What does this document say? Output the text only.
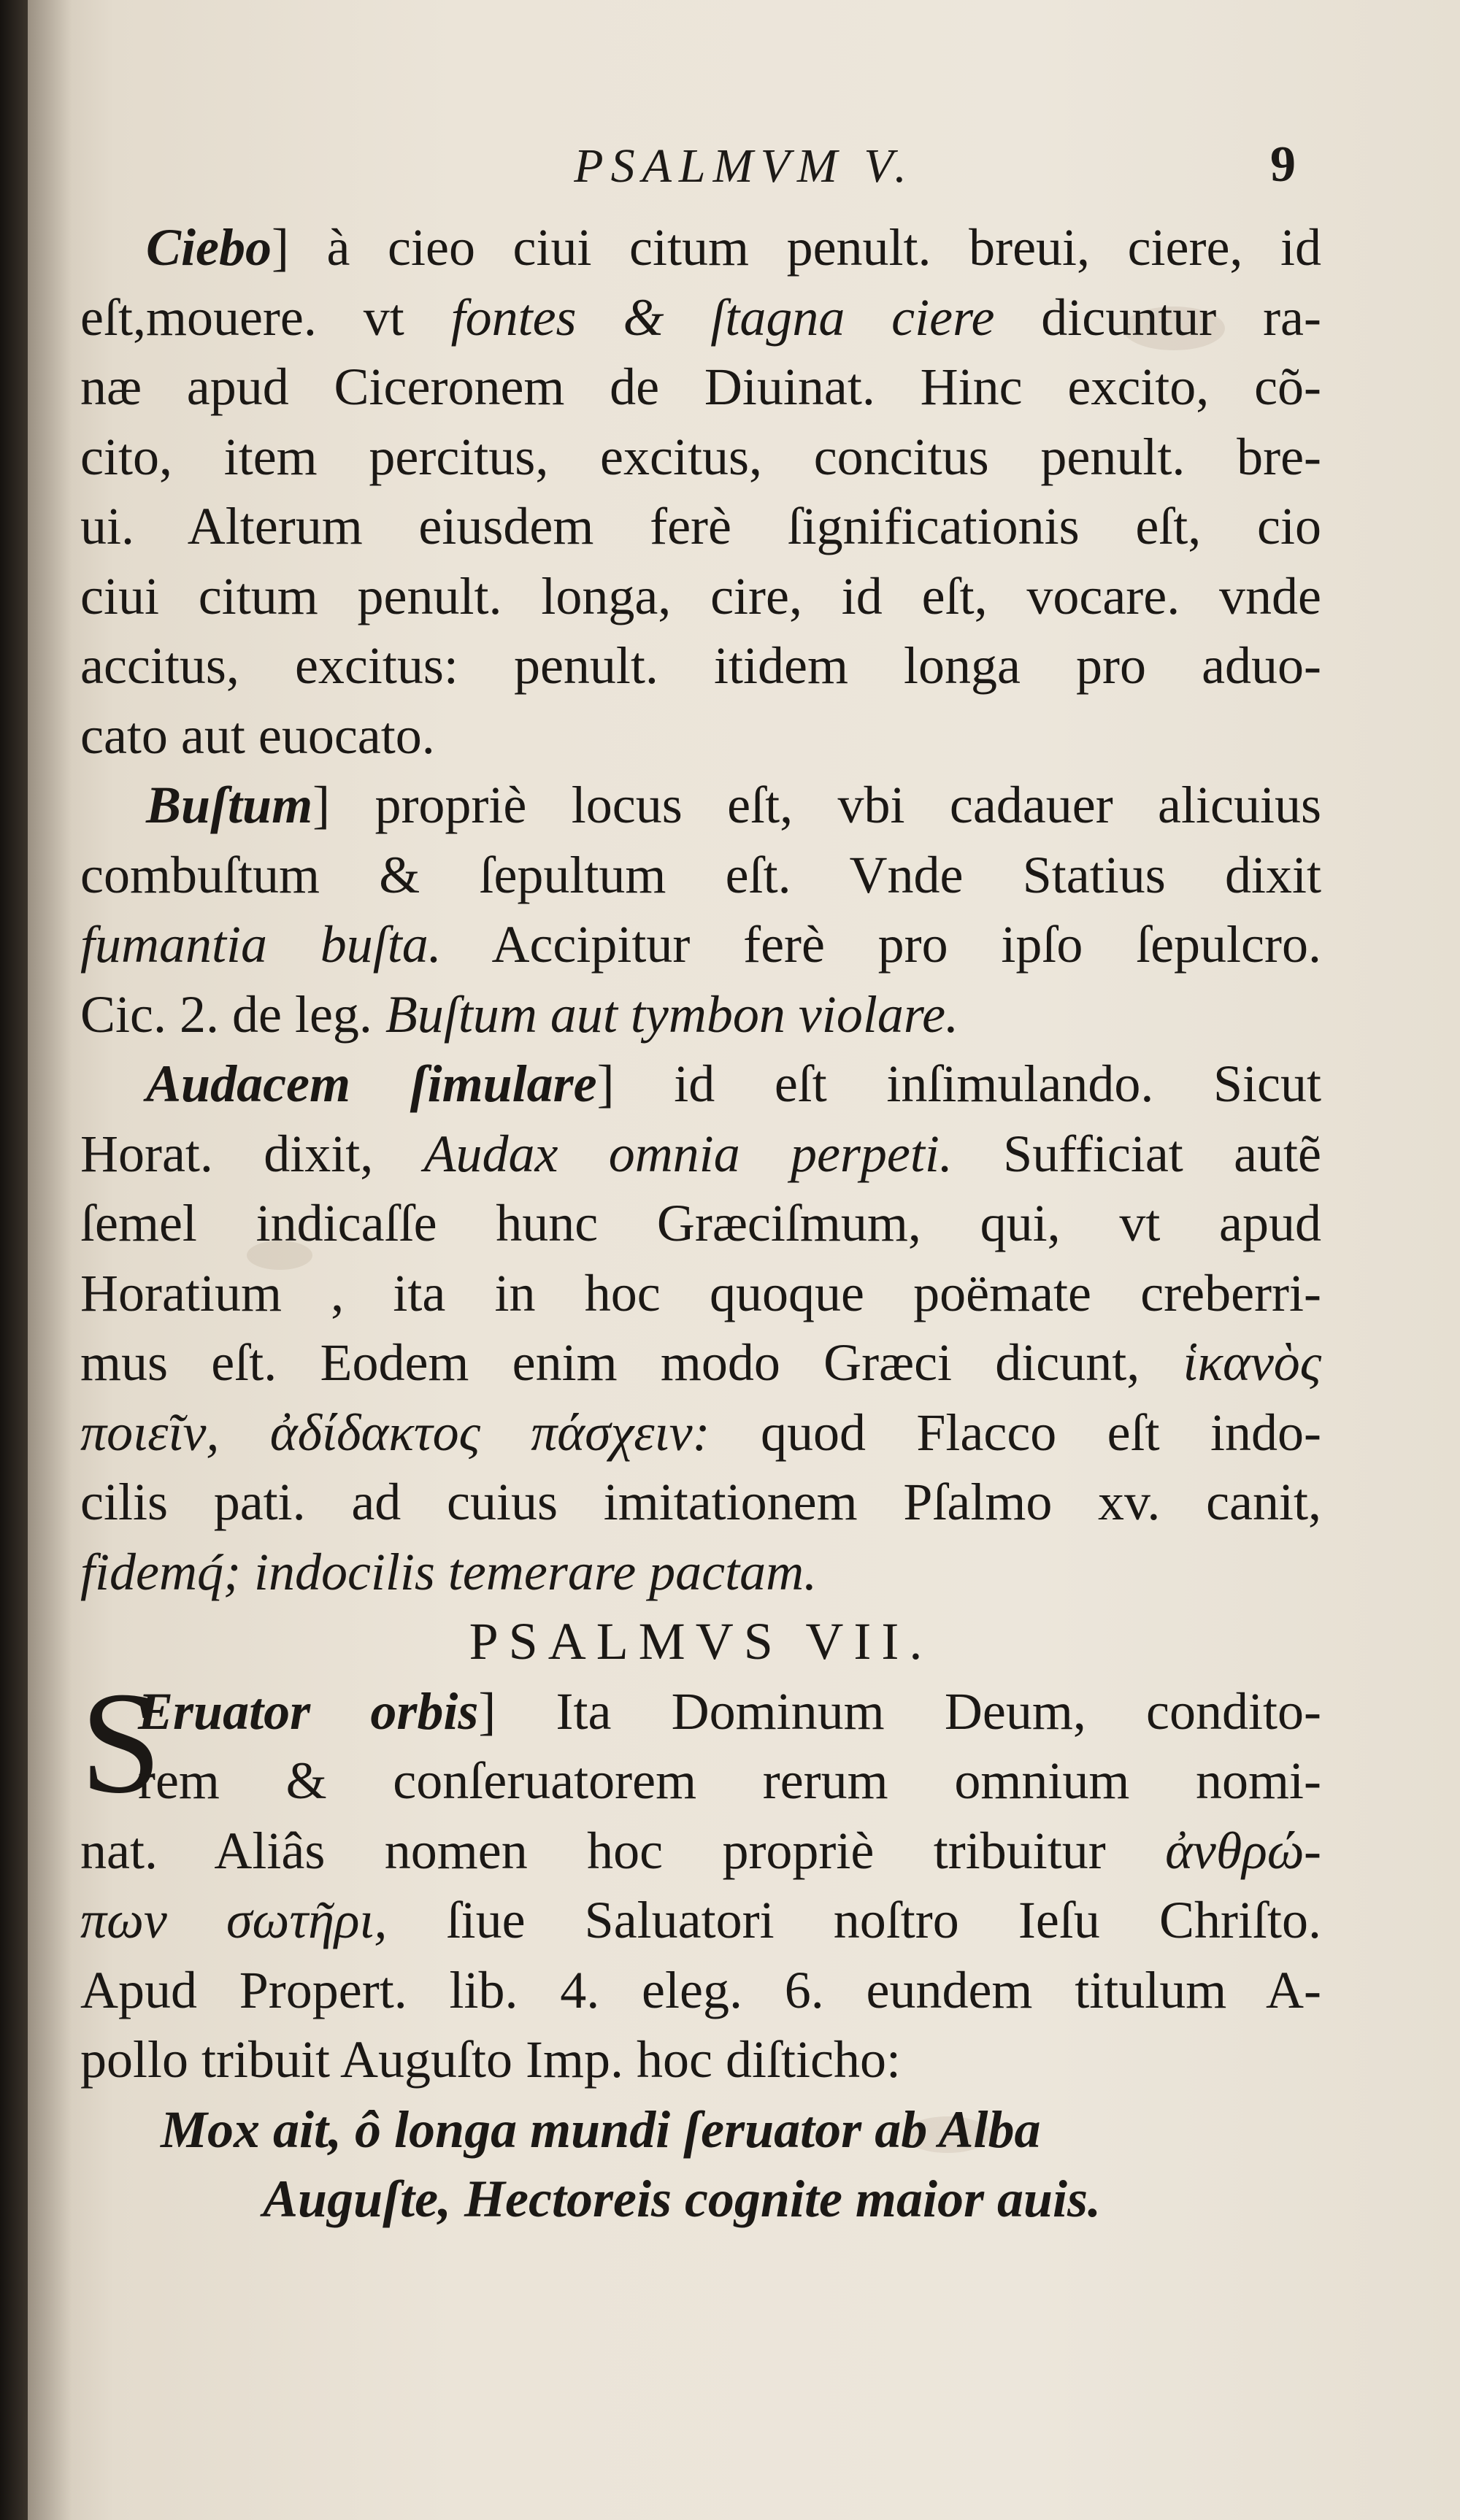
PSALMVM V.	9
Ciebo] à cieo ciui citum penult. breui, ciere, id
eſt,mouere. vt fontes & ſtagna ciere dicuntur ra-
næ apud Ciceronem de Diuinat. Hinc excito, cõ-
cito, item percitus, excitus, concitus penult. bre-
ui. Alterum eiusdem ferè ſignificationis eſt, cio
ciui citum penult. longa, cire, id eſt, vocare. vnde
accitus, excitus: penult. itidem longa pro aduo-
cato aut euocato.
Buſtum] propriè locus eſt, vbi cadauer alicuius
combuſtum & ſepultum eſt. Vnde Statius dixit
fumantia buſta. Accipitur ferè pro ipſo ſepulcro.
Cic. 2. de leg. Buſtum aut tymbon violare.
Audacem ſimulare] id eſt inſimulando. Sicut
Horat. dixit, Audax omnia perpeti. Sufficiat autẽ
ſemel indicaſſe hunc Græciſmum, qui, vt apud
Horatium , ita in hoc quoque poëmate creberri-
mus eſt. Eodem enim modo Græci dicunt, ἱκανὸς
ποιεῖν, ἀδίδακτος πάσχειν: quod Flacco eſt indo-
cilis pati. ad cuius imitationem Pſalmo xv. canit,
fidemq́; indocilis temerare pactam.
PSALMVS VII.
S
Eruator orbis] Ita Dominum Deum, condito-
rem & conſeruatorem rerum omnium nomi-
nat. Aliâs nomen hoc propriè tribuitur ἀνθρώ-
πων σωτῆρι, ſiue Saluatori noſtro Ieſu Chriſto.
Apud Propert. lib. 4. eleg. 6. eundem titulum A-
pollo tribuit Auguſto Imp. hoc diſticho:
Mox ait, ô longa mundi ſeruator ab Alba
Auguſte, Hectoreis cognite maior auis.
